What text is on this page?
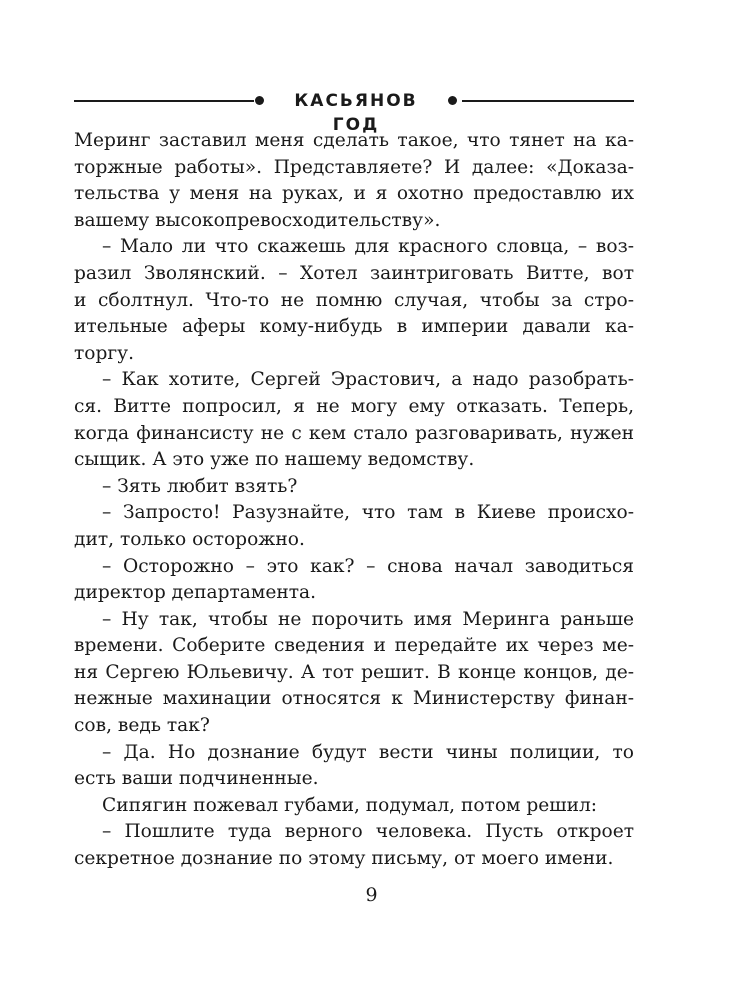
КАСЬЯНОВ ГОД
Меринг заставил меня сделать такое, что тянет на ка-
торжные работы». Представляете? И далее: «Доказа-
тельства у меня на руках, и я охотно предоставлю их
вашему высокопревосходительству».
– Мало ли что скажешь для красного словца, – воз-
разил Зволянский. – Хотел заинтриговать Витте, вот
и сболтнул. Что-то не помню случая, чтобы за стро-
ительные аферы кому-нибудь в империи давали ка-
торгу.
– Как хотите, Сергей Эрастович, а надо разобрать-
ся. Витте попросил, я не могу ему отказать. Теперь,
когда финансисту не с кем стало разговаривать, нужен
сыщик. А это уже по нашему ведомству.
– Зять любит взять?
– Запросто! Разузнайте, что там в Киеве происхо-
дит, только осторожно.
– Осторожно – это как? – снова начал заводиться
директор департамента.
– Ну так, чтобы не порочить имя Меринга раньше
времени. Соберите сведения и передайте их через ме-
ня Сергею Юльевичу. А тот решит. В конце концов, де-
нежные махинации относятся к Министерству финан-
сов, ведь так?
– Да. Но дознание будут вести чины полиции, то
есть ваши подчиненные.
Сипягин пожевал губами, подумал, потом решил:
– Пошлите туда верного человека. Пусть откроет
секретное дознание по этому письму, от моего имени.
9
